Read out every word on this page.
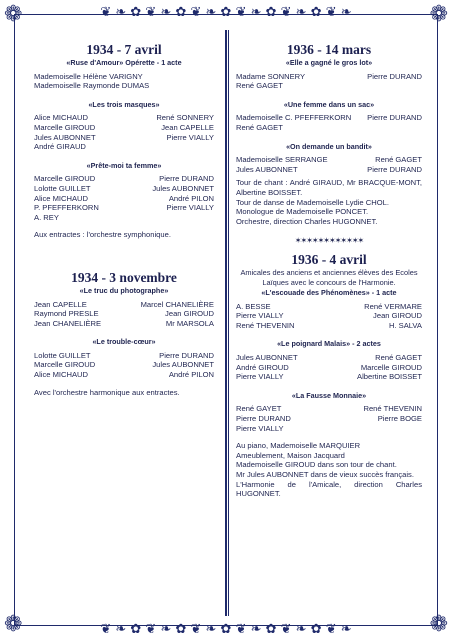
❦ ❧ ✿ ❦ ❧ ✿ ❦ ❧ ✿ ❦ ❧ ✿ ❦ ❧ ✿ ❦ ❧
❦ ❧ ✿ ❦ ❧ ✿ ❦ ❧ ✿ ❦ ❧ ✿ ❦ ❧ ✿ ❦ ❧
❁	❁
❁	❁
1934 - 7 avril
«Ruse d'Amour» Opérette - 1 acte
Mademoiselle Hélène VARIGNY
Mademoiselle Raymonde DUMAS
«Les trois masques»
Alice MICHAUD	René SONNERY
Marcelle GIROUD	Jean CAPELLE
Jules AUBONNET	Pierre VIALLY
André GIRAUD
«Prête-moi ta femme»
Marcelle GIROUD	Pierre DURAND
Lolotte GUILLET	Jules AUBONNET
Alice MICHAUD	André PILON
P. PFEFFERKORN	Pierre VIALLY
A. REY
Aux entractes : l'orchestre symphonique.
1934 - 3 novembre
«Le truc du photographe»
Jean CAPELLE	Marcel CHANELIÈRE
Raymond PRESLE	Jean GIROUD
Jean CHANELIÈRE	Mr MARSOLA
«Le trouble-cœur»
Lolotte GUILLET	Pierre DURAND
Marcelle GIROUD	Jules AUBONNET
Alice MICHAUD	André PILON
Avec l'orchestre harmonique aux entractes.
1936 - 14 mars
«Elle a gagné le gros lot»
Madame SONNERY	Pierre DURAND
René GAGET
«Une femme dans un sac»
Mademoiselle C. PFEFFERKORN Pierre DURAND
René GAGET
«On demande un bandit»
Mademoiselle SERRANGE	René GAGET
Jules AUBONNET	Pierre DURAND
Tour de chant : André GIRAUD, Mr BRACQUE-MONT, Albertine BOISSET.
Tour de danse de Mademoiselle Lydie CHOL.
Monologue de Mademoiselle PONCET.
Orchestre, direction Charles HUGONNET.
✶✶✶✶✶✶✶✶✶✶✶✶
1936 - 4 avril
Amicales des anciens et anciennes élèves des Ecoles Laïques avec le concours de l'Harmonie.
«L'escouade des Phénomènes» - 1 acte
A. BESSE	René VERMARE
Pierre VIALLY	Jean GIROUD
René THEVENIN	H. SALVA
«Le poignard Malais» - 2 actes
Jules AUBONNET	René GAGET
André GIROUD	Marcelle GIROUD
Pierre VIALLY	Albertine BOISSET
«La Fausse Monnaie»
René GAYET	René THEVENIN
Pierre DURAND	Pierre BOGE
Pierre VIALLY
Au piano, Mademoiselle MARQUIER
Ameublement, Maison Jacquard
Mademoiselle GIROUD dans son tour de chant.
Mr Jules AUBONNET dans de vieux succès français.
L'Harmonie de l'Amicale, direction Charles HUGONNET.
